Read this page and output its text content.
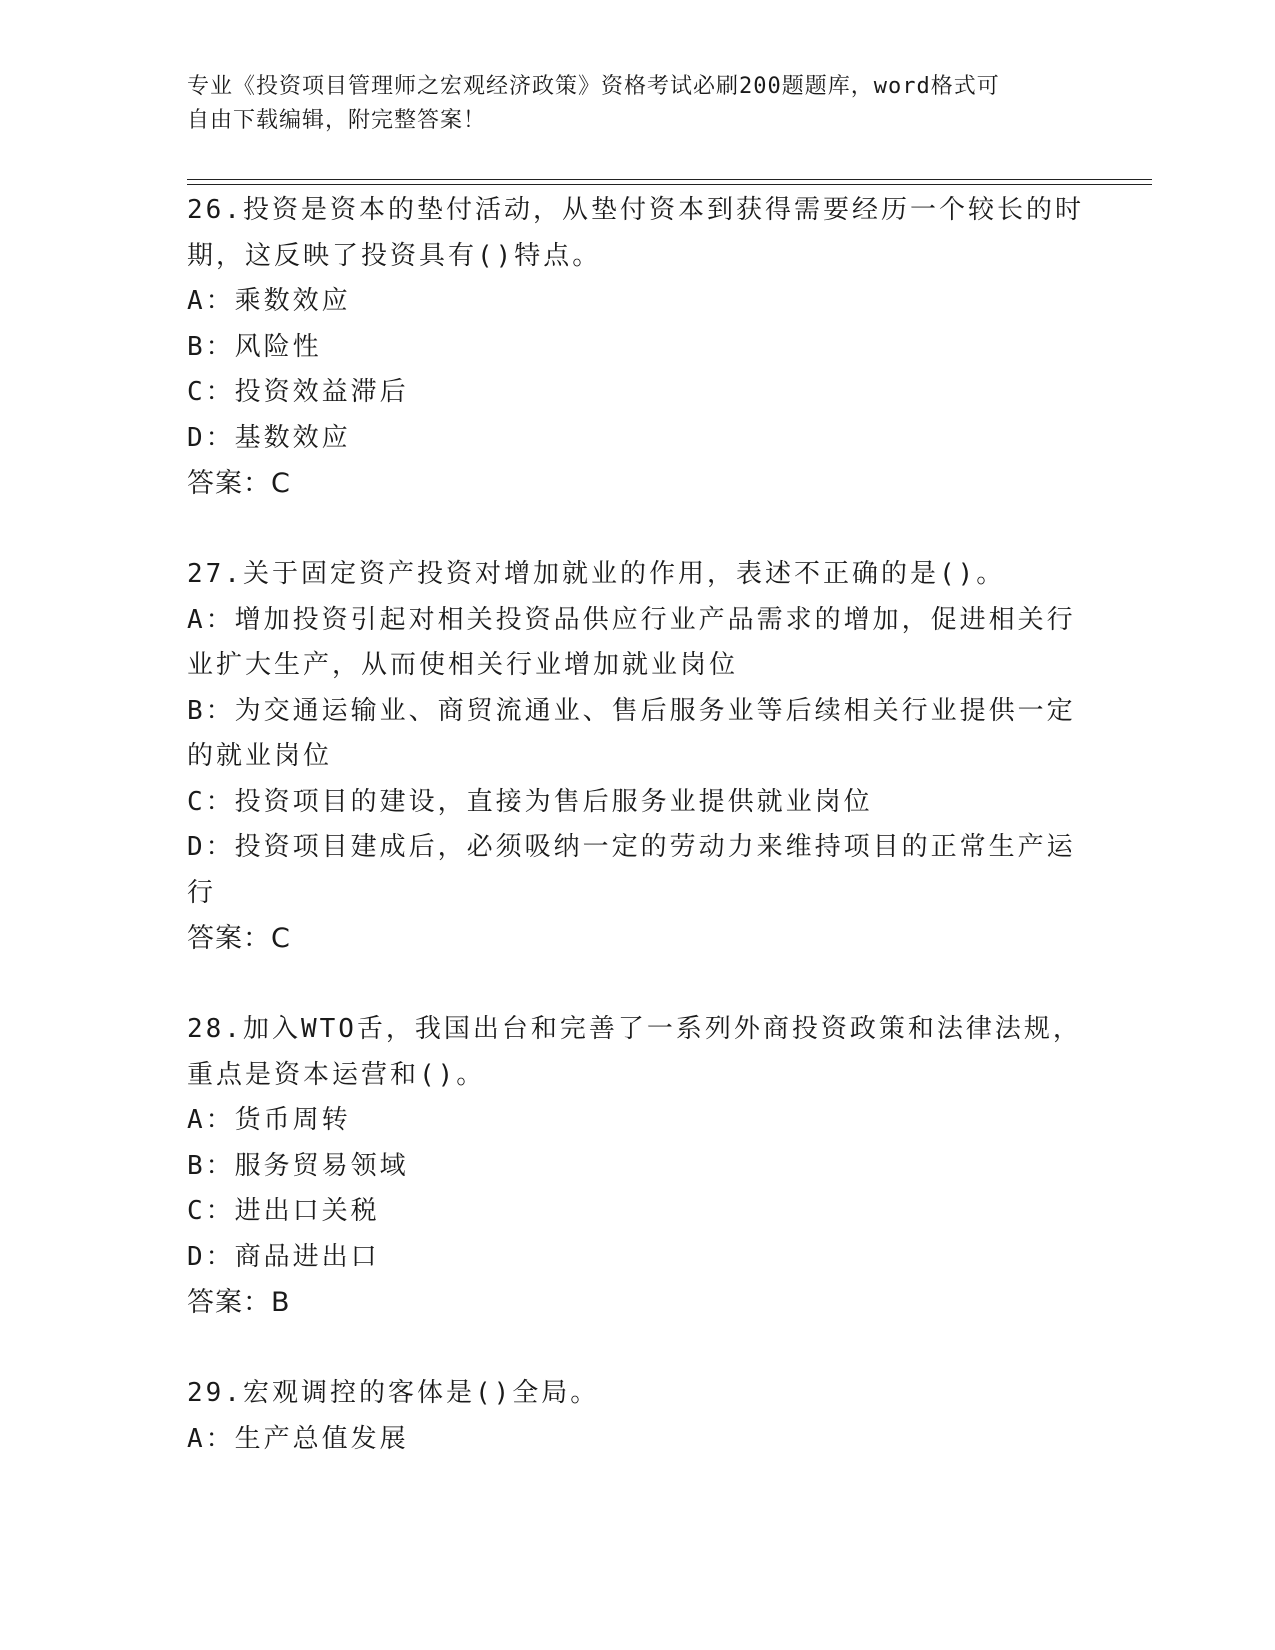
专业《投资项目管理师之宏观经济政策》资格考试必刷200题题库，word格式可
自由下载编辑，附完整答案！
26.投资是资本的垫付活动，从垫付资本到获得需要经历一个较长的时
期，这反映了投资具有()特点。
A：乘数效应
B：风险性
C：投资效益滞后
D：基数效应
答案：C
27.关于固定资产投资对增加就业的作用，表述不正确的是()。
A：增加投资引起对相关投资品供应行业产品需求的增加，促进相关行
业扩大生产，从而使相关行业增加就业岗位
B：为交通运输业、商贸流通业、售后服务业等后续相关行业提供一定
的就业岗位
C：投资项目的建设，直接为售后服务业提供就业岗位
D：投资项目建成后，必须吸纳一定的劳动力来维持项目的正常生产运
行
答案：C
28.加入WTO舌，我国出台和完善了一系列外商投资政策和法律法规，
重点是资本运营和()。
A：货币周转
B：服务贸易领域
C：进出口关税
D：商品进出口
答案：B
29.宏观调控的客体是()全局。
A：生产总值发展
